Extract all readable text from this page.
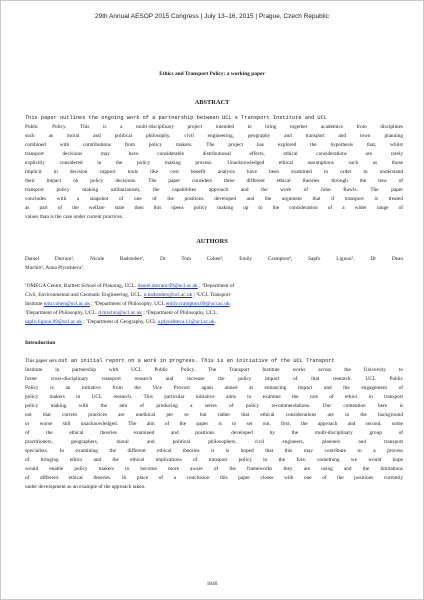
29th Annual AESOP 2015 Congress | July 13–16, 2015 | Prague, Czech Republic
Ethics and Transport Policy: a working paper
ABSTRACT
This paper outlines the ongoing work of a partnership between UCL s Transport Institute and UCL
Public Policy. This is a multi-disciplinary project intended to bring together academics from disciplines
such as moral and political philosophy, civil engineering, geography and transport and town planning
combined with contributions from policy makers. The project has explored the hypothesis that, whilst
transport decisions may have considerable distributional effects, ethical considerations are rarely
explicitly considered in the policy making process. Unacknowledged ethical assumptions such as those
implicit in decision support tools like cost benefit analysis have been examined in order to understand
their impact on policy decisions. The paper considers three different ethical theories through the lens of
transport policy making utilitarianism, the capabilities approach and the work of John Rawls. The paper
concludes with a snapshot of one of the positions developed and the argument that if transport is treated
as part of the welfare state then this opens policy making up to the consideration of a wider range of
values than is the case under current practices.
AUTHORS
Daniel Durrant¹, Nicole Badstuber², Dr Tom Cohen³, Emily Crampton⁴, Sapfo Lignou⁵, Dr Dean
Machin⁶, Anna Plyushteva⁷.
$^1$OMEGA Centre, Bartlett School of Planning, UCL. daniel.durrant.09@ucl.ac.uk ; ²Department of
Civil, Environmental and Geomatic Engineering, UCL. n.badstuber@ucl.ac.uk ; ³UCL Transport
Institute tom.cohen@ucl.ac.uk ; ⁴Department of Philosophy, UCL emily.crampton.09@ucl.ac.uk;
⁵Department of Philosophy, UCL. d.machin@ucl.ac.uk ; ⁶Department of Philosophy, UCL.
sapfo.lignou.09@ucl.ac.uk ; ⁷Department of Geography, UCL a.plyushteva.11@ucl.ac.uk.
Introduction
This paper sets out an initial report on a work in progress. This is an initiative of the UCL Transport
Institute in partnership with UCL Public Policy. The Transport Institute works across the University to
foster cross-disciplinary transport research and increase the policy impact of that research. UCL Public
Policy is an initiative from the Vice Provost again aimed at enhancing impact and the engagement of
policy makers in UCL research. This particular initiative aims to examine the role of ethics in transport
policy making with the aim of producing a series of policy recommendations. Our contention here is
not that current practices are unethical per se but rather that ethical considerations are in the background
or worse still unacknowledged. The aim of the paper is to set out, first, the approach and second, some
of the ethical theories examined and positions developed by the multi-disciplinary group of
practitioners, geographers, moral and political philosophers, civil engineers, planners and transport
specialists. In examining the different ethical theories it is hoped that this may contribute to a process
of bringing ethics and the ethical implications of transport policy to the fore, something we would hope
would enable policy makers to become more aware of the frameworks they are using and the limitations
of different ethical theories. In place of a conclusion this paper closes with one of the positions currently
under development as an example of the approach taken.
1840
